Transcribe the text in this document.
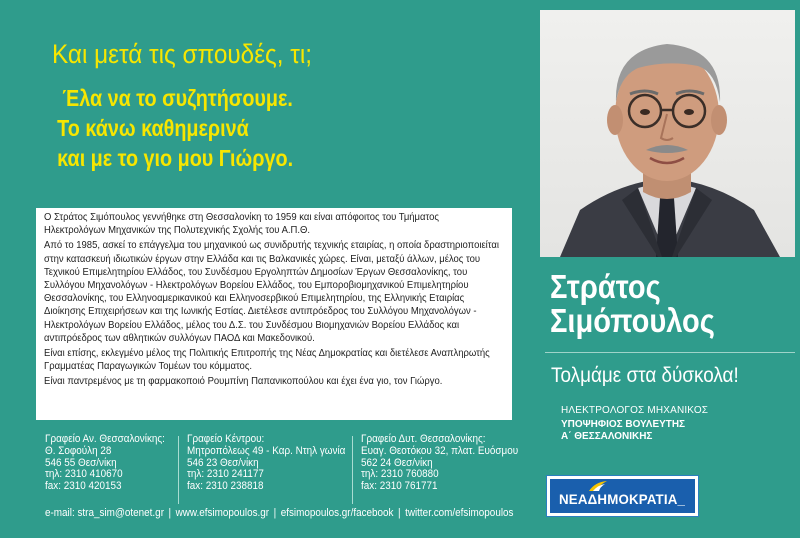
Και μετά τις σπουδές, τι;
Έλα να το συζητήσουμε.
Το κάνω καθημερινά
και με το γιο μου Γιώργο.

Ο Στράτος Σιμόπουλος γεννήθηκε στη Θεσσαλονίκη το 1959 και είναι απόφοιτος του Τμήματος Ηλεκτρολόγων Μηχανικών της Πολυτεχνικής Σχολής του Α.Π.Θ.

Από το 1985, ασκεί το επάγγελμα του μηχανικού ως συνιδρυτής τεχνικής εταιρίας, η οποία δραστηριοποιείται στην κατασκευή ιδιωτικών έργων στην Ελλάδα και τις Βαλκανικές χώρες. Είναι, μεταξύ άλλων, μέλος του Τεχνικού Επιμελητηρίου Ελλάδος, του Συνδέσμου Εργοληπτών Δημοσίων Έργων Θεσσαλονίκης, του Συλλόγου Μηχανολόγων - Ηλεκτρολόγων Βορείου Ελλάδος, του Εμποροβιομηχανικού Επιμελητηρίου Θεσσαλονίκης, του Ελληνοαμερικανικού και Ελληνοσερβικού Επιμελητηρίου, της Ελληνικής Εταιρίας Διοίκησης Επιχειρήσεων και της Ιωνικής Εστίας. Διετέλεσε αντιπρόεδρος του Συλλόγου Μηχανολόγων - Ηλεκτρολόγων Βορείου Ελλάδος, μέλος του Δ.Σ. του Συνδέσμου Βιομηχανιών Βορείου Ελλάδος και αντιπρόεδρος των αθλητικών συλλόγων ΠΑΟΔ και Μακεδονικού.

Είναι επίσης, εκλεγμένο μέλος της Πολιτικής Επιτροπής της Νέας Δημοκρατίας και διετέλεσε Αναπληρωτής Γραμματέας Παραγωγικών Τομέων του κόμματος.

Είναι παντρεμένος με τη φαρμακοποιό Ρουμπίνη Παπανικοπούλου και έχει ένα γιο, τον Γιώργο.

Στράτος
Σιμόπουλος
Τολμάμε στα δύσκολα!
ΗΛΕΚΤΡΟΛΟΓΟΣ ΜΗΧΑΝΙΚΟΣ
ΥΠΟΨΗΦΙΟΣ ΒΟΥΛΕΥΤΗΣ
Α΄ ΘΕΣΣΑΛΟΝΙΚΗΣ
Γραφείο Αν. Θεσσαλονίκης:
Θ. Σοφούλη 28
546 55 Θεσ/νίκη
τηλ: 2310 410670
fax: 2310 420153
Γραφείο Κέντρου:
Μητροπόλεως 49 - Καρ. Ντηλ γωνία
546 23 Θεσ/νίκη
τηλ: 2310 241177
fax: 2310 238818
Γραφείο Δυτ. Θεσσαλονίκης:
Ευαγ. Θεοτόκου 32, πλατ. Ευόσμου
562 24 Θεσ/νίκη
τηλ: 2310 760880
fax: 2310 761771
e-mail: stra_sim@otenet.gr | www.efsimopoulos.gr | efsimopoulos.gr/facebook | twitter.com/efsimopoulos
ΝΕΑΔΗΜΟΚΡΑΤΙΑ_
